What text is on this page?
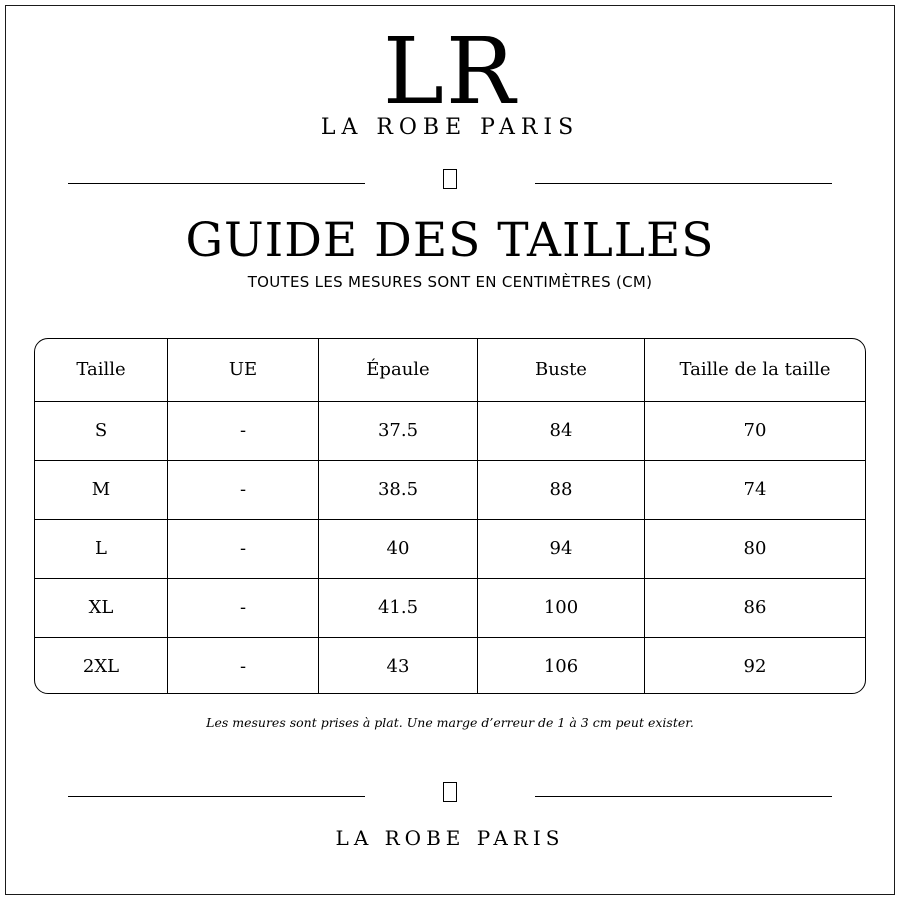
LR
LA ROBE PARIS
GUIDE DES TAILLES
TOUTES LES MESURES SONT EN CENTIMÈTRES (CM)
Taille	UE	Épaule	Buste	Taille de la taille
S	-	37.5	84	70
M	-	38.5	88	74
L	-	40	94	80
XL	-	41.5	100	86
2XL	-	43	106	92
Les mesures sont prises à plat. Une marge d’erreur de 1 à 3 cm peut exister.
LA ROBE PARIS
